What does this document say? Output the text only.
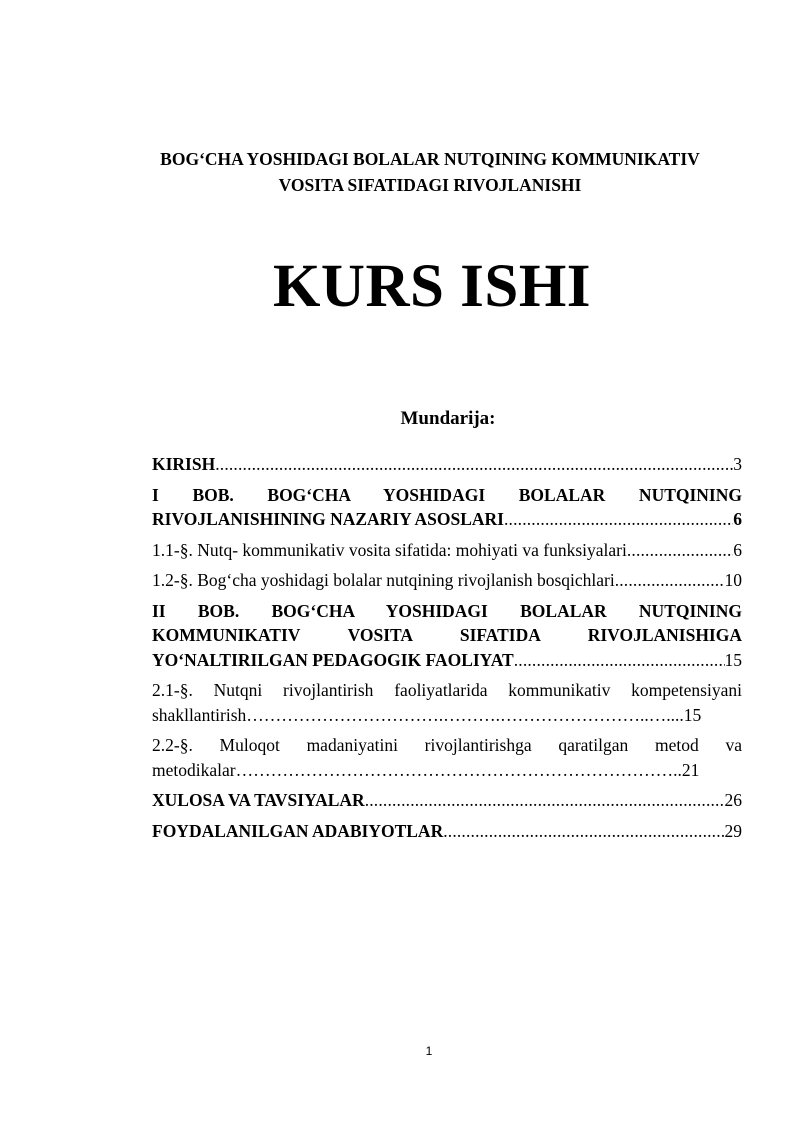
BOG‘CHA YOSHIDAGI BOLALAR NUTQINING KOMMUNIKATIV
VOSITA SIFATIDAGI RIVOJLANISHI
KURS ISHI
Mundarija:
KIRISH . . .	3
I BOB. BOG‘CHA YOSHIDAGI BOLALAR NUTQINING
RIVOJLANISHINING NAZARIY ASOSLARI . . .	6
1.1-§. Nutq- kommunikativ vosita sifatida: mohiyati va funksiyalari . . .	6
1.2-§. Bog‘cha yoshidagi bolalar nutqining rivojlanish bosqichlari . . .	10
II BOB. BOG‘CHA YOSHIDAGI BOLALAR NUTQINING
KOMMUNIKATIV VOSITA SIFATIDA RIVOJLANISHIGA
YO‘NALTIRILGAN PEDAGOGIK FAOLIYAT . . .	15
2.1-§. Nutqni rivojlantirish faoliyatlarida kommunikativ kompetensiyani
shakllantirish…………………………….……….……………………..…....15
2.2-§. Muloqot madaniyatini rivojlantirishga qaratilgan metod va
metodikalar…………………………………………………………………..21
XULOSA VA TAVSIYALAR . . .	26
FOYDALANILGAN ADABIYOTLAR . . .	29
1
